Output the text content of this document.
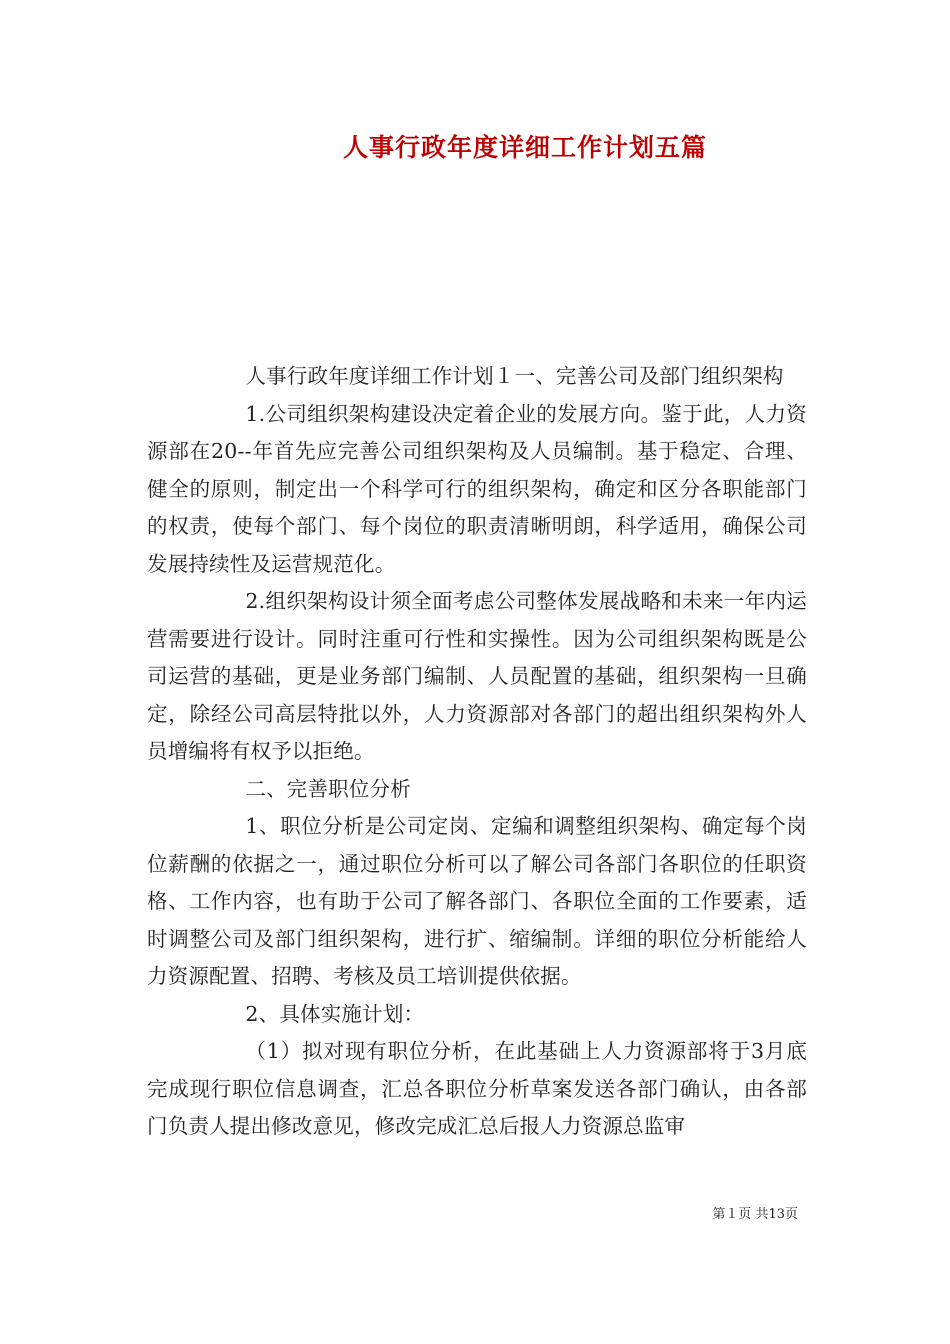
人事行政年度详细工作计划五篇

人事行政年度详细工作计划１一、完善公司及部门组织架构

1.公司组织架构建设决定着企业的发展方向。鉴于此，人力资源部在20--年首先应完善公司组织架构及人员编制。基于稳定、合理、健全的原则，制定出一个科学可行的组织架构，确定和区分各职能部门的权责，使每个部门、每个岗位的职责清晰明朗，科学适用，确保公司发展持续性及运营规范化。

2.组织架构设计须全面考虑公司整体发展战略和未来一年内运营需要进行设计。同时注重可行性和实操性。因为公司组织架构既是公司运营的基础，更是业务部门编制、人员配置的基础，组织架构一旦确定，除经公司高层特批以外，人力资源部对各部门的超出组织架构外人员增编将有权予以拒绝。

二、完善职位分析

1、职位分析是公司定岗、定编和调整组织架构、确定每个岗位薪酬的依据之一，通过职位分析可以了解公司各部门各职位的任职资格、工作内容，也有助于公司了解各部门、各职位全面的工作要素，适时调整公司及部门组织架构，进行扩、缩编制。详细的职位分析能给人力资源配置、招聘、考核及员工培训提供依据。

2、具体实施计划：

（1）拟对现有职位分析，在此基础上人力资源部将于3月底完成现行职位信息调查，汇总各职位分析草案发送各部门确认，由各部门负责人提出修改意见，修改完成汇总后报人力资源总监审

第１页 共13页
